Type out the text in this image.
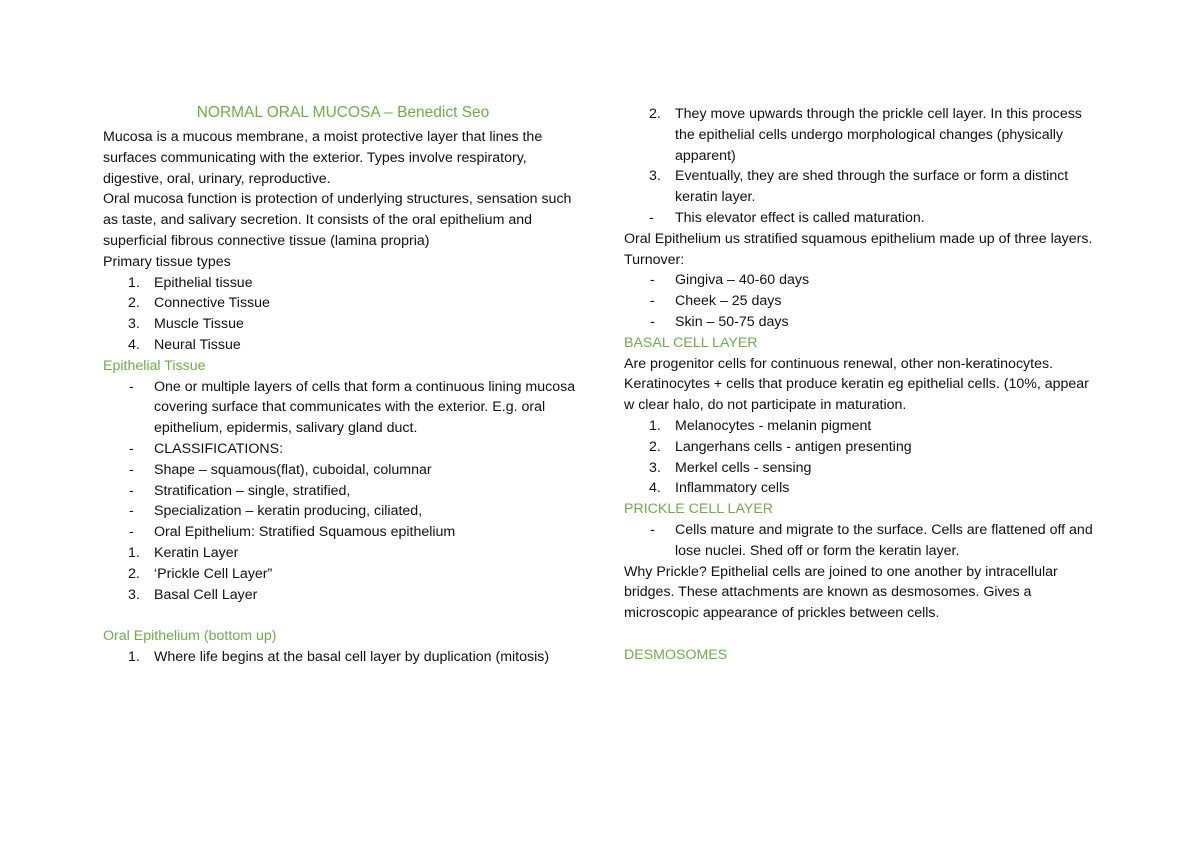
NORMAL ORAL MUCOSA – Benedict Seo

Mucosa is a mucous membrane, a moist protective layer that lines the surfaces communicating with the exterior. Types involve respiratory, digestive, oral, urinary, reproductive.

Oral mucosa function is protection of underlying structures, sensation such as taste, and salivary secretion. It consists of the oral epithelium and superficial fibrous connective tissue (lamina propria)

Primary tissue types

1. Epithelial tissue
2. Connective Tissue
3. Muscle Tissue
4. Neural Tissue

Epithelial Tissue

- One or multiple layers of cells that form a continuous lining mucosa covering surface that communicates with the exterior. E.g. oral epithelium, epidermis, salivary gland duct.
- CLASSIFICATIONS:
- Shape – squamous(flat), cuboidal, columnar
- Stratification – single, stratified,
- Specialization – keratin producing, ciliated,
- Oral Epithelium: Stratified Squamous epithelium
1. Keratin Layer
2. ‘Prickle Cell Layer”
3. Basal Cell Layer

Oral Epithelium (bottom up)

1. Where life begins at the basal cell layer by duplication (mitosis)
2. They move upwards through the prickle cell layer. In this process the epithelial cells undergo morphological changes (physically apparent)
3. Eventually, they are shed through the surface or form a distinct keratin layer.
- This elevator effect is called maturation.

Oral Epithelium us stratified squamous epithelium made up of three layers.

Turnover:

- Gingiva – 40-60 days
- Cheek – 25 days
- Skin – 50-75 days

BASAL CELL LAYER

Are progenitor cells for continuous renewal, other non-keratinocytes. Keratinocytes + cells that produce keratin eg epithelial cells. (10%, appear w clear halo, do not participate in maturation.

1. Melanocytes - melanin pigment
2. Langerhans cells - antigen presenting
3. Merkel cells - sensing
4. Inflammatory cells

PRICKLE CELL LAYER

- Cells mature and migrate to the surface. Cells are flattened off and lose nuclei. Shed off or form the keratin layer.

Why Prickle? Epithelial cells are joined to one another by intracellular bridges. These attachments are known as desmosomes. Gives a microscopic appearance of prickles between cells.

DESMOSOMES
